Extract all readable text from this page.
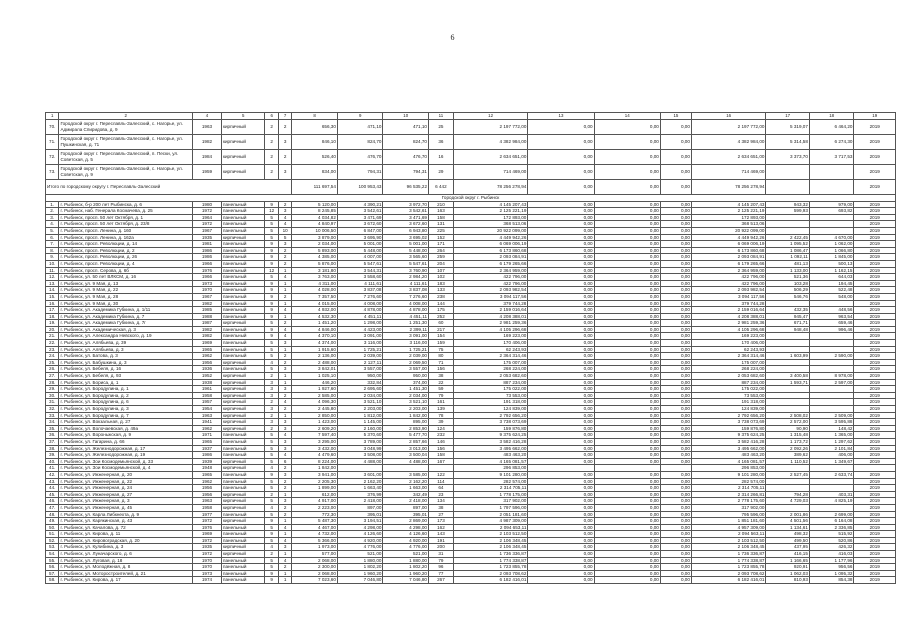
6
1	2	4	5	6	7	8	9	10	11	12	13	14	15	16	17	18	19
70.	Городской округ г. Переславль-Залесский, с. Нагорье, ул. Адмирала Спиридова, д. 9	1963	кирпичный	2	2	656,30	471,10	471,10	25	2 197 772,00	0,00	0,00	0,00	2 197 772,00	5 319,07	6 464,20	2019
71.	Городской округ г. Переславль-Залесский, с. Нагорье, ул. Пушкинская, д. 71	1982	кирпичный	2	3	846,10	824,70	824,70	36	4 382 984,00	0,00	0,00	0,00	4 382 984,00	5 314,58	6 274,30	2019
72.	Городской округ г. Переславль-Залесский, п. Пески, ул. Советская, д. 5	1984	кирпичный	2	2	526,40	476,70	476,70	16	2 634 651,00	0,00	0,00	0,00	2 634 651,00	3 373,70	3 717,53	2019
73.	Городской округ г. Переславль-Залесский, с. Нагорье, ул. Советская, д. 9	1959	кирпичный	2	3	834,00	794,31	794,31	29	714 469,00	0,00	0,00	0,00	714 469,00			2019
Итого по городскому округу г. Переславль-Залесский						111 697,54	100 953,43	96 535,22	6 442	78 256 278,94	0,00	0,00	0,00	78 256 278,94			2019
Городской округ г. Рыбинск																	
1.	г. Рыбинск, б-р 200 лет Рыбинска, д. 6	1980	панельный	9	2	5 120,00	4 390,21	3 972,70	210	4 145 207,43	0,00	0,00	0,00	4 145 207,43	943,32	979,00	2019
2.	г. Рыбинск, наб. Генерала Космачева, д. 25	1972	панельный	12	3	8 245,85	3 542,61	3 542,61	163	2 125 221,19	0,00	0,00	0,00	2 125 221,19	599,93	693,82	2019
3.	г. Рыбинск, просп. 50 лет Октября, д. 1	1964	панельный	5	4	4 034,82	3 471,69	3 471,69	158	172 893,00	0,00	0,00	0,00	172 893,00			2019
4.	г. Рыбинск, просп. 50 лет Октября, д. 23/8	1972	панельный	5	4	4 840,97	3 672,60	3 672,60	131	368 513,06	0,00	0,00	0,00	368 513,06			2019
5.	г. Рыбинск, просп. Ленина, д. 160	1967	панельный	5	10	10 006,50	6 847,00	6 943,80	225	20 922 099,00	0,00	0,00	0,00	20 922 099,00			2019
6.	г. Рыбинск, просп. Ленина, д. 162а	1935	кирпичный	5	5	3 879,00	3 695,90	3 695,02	152	4 449 942,26	0,00	0,00	0,00	4 449 942,26	2 422,45	4 670,00	2019
7.	г. Рыбинск, просп. Революции, д. 14	1981	панельный	9	3	2 034,00	5 001,00	5 001,00	171	6 069 006,19	0,00	0,00	0,00	6 069 006,19	1 095,52	1 062,00	2019
8.	г. Рыбинск, просп. Революции, д. 2	1986	панельный	9	2	5 893,00	5 448,00	5 448,00	264	6 173 860,68	0,00	0,00	0,00	6 173 860,68	1 086,47	1 066,80	2019
9.	г. Рыбинск, просп. Революции, д. 26	1986	панельный	9	2	4 385,00	4 007,00	3 565,60	259	2 093 084,91	0,00	0,00	0,00	2 093 084,91	1 092,11	1 845,00	2019
10.	г. Рыбинск, просп. Революции, д. 4	1966	панельный	9	2	5 876,00	5 547,61	5 547,61	204	6 179 265,66	0,00	0,00	0,00	6 179 265,66	481,13	500,13	2019
11.	г. Рыбинск, просп. Серова, д. 6б	1976	панельный	12	1	3 181,80	3 544,31	3 760,90	107	2 364 959,00	0,00	0,00	0,00	2 364 959,00	1 133,00	1 162,15	2019
12.	г. Рыбинск, ул. 50 лет ВЛКСМ, д. 16	1966	панельный	5	4	3 763,00	3 558,60	2 984,20	102	422 796,00	0,00	0,00	0,00	422 796,00	521,36	644,03	2019
13.	г. Рыбинск, ул. 9 Мая, д. 13	1973	панельный	9	1	4 311,00	4 111,61	4 111,61	183	422 796,00	0,00	0,00	0,00	422 796,00	103,28	194,45	2019
14.	г. Рыбинск, ул. 9 Мая, д. 22	1970	панельный	9	1	4 028,00	3 837,08	3 837,08	133	2 093 982,54	0,00	0,00	0,00	2 093 982,54	506,29	522,48	2019
15.	г. Рыбинск, ул. 9 Мая, д. 28	1967	панельный	9	2	7 357,50	7 276,60	7 276,60	238	3 094 117,56	0,00	0,00	0,00	3 094 117,56	546,76	548,00	2019
16.	г. Рыбинск, ул. 9 Мая, д. 30	1982	панельный	9	1	4 015,00	4 008,00	4 008,00	144	379 744,28	0,00	0,00	0,00	379 744,28			2019
17.	г. Рыбинск, ул. Академика Губкина, д. 1/11	1985	панельный	9	4	4 932,00	4 878,00	4 878,00	175	2 159 016,64	0,00	0,00	0,00	2 159 016,64	432,35	448,56	2019
18.	г. Рыбинск, ул. Академика Губкина, д. 7	1988	панельный	9	1	4 532,30	4 451,11	4 451,11	252	4 208 388,01	0,00	0,00	0,00	4 208 388,01	945,47	963,54	2019
19.	г. Рыбинск, ул. Академика Губкина, д. 7г	1987	кирпичный	5	2	1 451,20	1 298,00	1 251,30	60	2 981 259,36	0,00	0,00	0,00	2 981 259,36	671,71	659,46	2019
20.	г. Рыбинск, ул. Академическая, д. 3	1982	панельный	9	4	4 846,00	4 423,00	2 399,11	217	4 105 296,68	0,00	0,00	0,00	4 105 296,68	948,48	996,46	2019
21.	г. Рыбинск, ул. Александра Невского, д. 19	1982	панельный	9	4	4 370,10	3 091,00	3 091,00	154	169 223,00	0,00	0,00	0,00	169 223,00			2019
22.	г. Рыбинск, ул. Алябьева, д. 39	1969	панельный	5	3	4 374,00	3 116,00	3 116,00	159	170 406,00	0,00	0,00	0,00	170 406,00			2019
23.	г. Рыбинск, ул. Алябьева, д. 3	1965	панельный	5	1	1 915,60	1 725,21	1 725,21	75	62 243,93	0,00	0,00	0,00	62 243,93			2019
24.	г. Рыбинск, ул. Батова, д. 3	1962	панельный	5	2	2 136,00	2 039,00	2 039,00	80	2 364 314,46	0,00	0,00	0,00	2 364 314,46	1 603,99	2 590,00	2019
25.	г. Рыбинск, ул. Бабушкина, д. 3	1956	кирпичный	4	2	2 488,00	2 127,11	2 069,50	71	175 007,00	0,00	0,00	0,00	175 007,00			2019
26.	г. Рыбинск, ул. Бебеля, д. 16	1936	панельный	5	3	3 842,01	3 557,00	3 557,00	156	268 224,00	0,00	0,00	0,00	268 224,00			2019
27.	г. Рыбинск, ул. Бебеля, д. 93	1952	кирпичный	2	1	1 025,10	950,00	950,00	38	2 053 682,60	0,00	0,00	0,00	2 053 682,60	3 400,58	8 978,00	2019
28.	г. Рыбинск, ул. Бориса, д. 1	1938	кирпичный	3	1	446,20	332,84	374,00	22	887 234,00	0,00	0,00	0,00	887 234,00	1 593,71	2 597,00	2019
29.	г. Рыбинск, ул. Бородулина, д. 1	1961	кирпичный	3	3	1 927,60	2 695,60	1 451,30	59	175 022,00	0,00	0,00	0,00	175 022,00			2019
30.	г. Рыбинск, ул. Бородулина, д. 2	1958	кирпичный	3	2	2 585,00	2 034,00	2 034,00	79	73 553,00	0,00	0,00	0,00	73 553,00			2019
31.	г. Рыбинск, ул. Бородулина, д. 6	1957	кирпичный	2	4	4 096,30	3 521,10	3 521,10	161	191 318,00	0,00	0,00	0,00	191 318,00			2019
32.	г. Рыбинск, ул. Бородулина, д. 3	1954	кирпичный	3	2	2 445,80	2 203,00	2 203,00	139	124 839,00	0,00	0,00	0,00	124 839,00			2019
33.	г. Рыбинск, ул. Бородулина, д. 7	1963	кирпичный	2	1	2 850,00	1 812,00	1 842,00	78	2 792 656,20	0,00	0,00	0,00	2 792 656,20	2 508,02	2 509,00	2019
34.	г. Рыбинск, ул. Вокзальная, д. 27	1941	кирпичный	3	3	1 423,00	1 145,00	895,00	39	3 738 073,69	0,00	0,00	0,00	3 738 073,69	2 572,00	3 595,88	2019
35.	г. Рыбинск, ул. Волочаевская, д. 49а	1962	кирпичный	2	3	2 609,20	2 160,00	2 853,90	124	159 876,80	0,00	0,00	0,00	159 876,80	90,90	148,42	2019
36.	г. Рыбинск, ул. Вороньжская, д. 9	1971	панельный	5	4	7 597,40	5 370,60	5 477,70	232	9 375 624,25	0,00	0,00	0,00	9 375 624,25	1 315,48	1 365,00	2019
37.	г. Рыбинск, ул. Гагарина, д. 66	1965	панельный	5	3	3 295,00	3 789,00	2 857,66	146	3 582 416,28	0,00	0,00	0,00	3 582 416,28	1 173,72	1 297,62	2019
38.	г. Рыбинск, ул. Железнодорожная, д. 17	1937	панельный	5	3	3 432,00	3 048,99	3 013,00	156	3 495 662,00	0,00	0,00	0,00	3 495 662,00	2 092,26	2 101,84	2019
39.	г. Рыбинск, ул. Железнодорожная, д. 19	1986	панельный	5	4	4 479,60	3 508,00	3 500,04	158	483 463,20	0,00	0,00	0,00	483 463,20	389,62	406,00	2019
40.	г. Рыбинск, ул. Зои Космодемьянской, д. 33	1939	кирпичный	5	6	8 224,00	4 488,00	4 488,00	167	4 165 081,57	0,00	0,00	0,00	4 165 081,57	1 110,52	1 349,67	2019
41.	г. Рыбинск, ул. Зои Космодемьянской, д. 4	1948	кирпичный	4	2	1 842,00				296 853,00				296 853,00			
42.	г. Рыбинск, ул. Инженерная, д. 20	1965	панельный	9	3	3 941,00	3 601,00	3 585,00	122	9 101 280,00	0,00	0,00	0,00	9 101 280,00	2 527,45	2 633,74	2019
43.	г. Рыбинск, ул. Инженерная, д. 22	1962	панельный	5	2	2 205,30	2 162,20	2 162,20	114	282 574,00	0,00	0,00	0,00	282 574,00			2019
44.	г. Рыбинск, ул. Инженерная, д. 24	1956	панельный	5	2	1 899,00	1 663,40	1 663,00	64	2 314 705,11	0,00	0,00	0,00	2 314 705,11			2019
45.	г. Рыбинск, ул. Инженерная, д. 27	1956	кирпичный	2	1	612,00	376,99	342,49	23	1 778 175,00	0,00	0,00	0,00	2 314 266,81	794,28	403,31	2019
46.	г. Рыбинск, ул. Инженерная, д. 3	1963	кирпичный	5	3	4 917,00	2 418,00	2 418,00	134	317 902,00	0,00	0,00	0,00	2 778 175,60	4 729,03	4 825,19	2019
47.	г. Рыбинск, ул. Инженерная, д. 45	1958	кирпичный	4	2	2 223,00	897,00	897,00	38	1 797 596,00	0,00	0,00	0,00	317 902,00			2019
48.	г. Рыбинск, ул. Карла Либкнехта, д. 9	1977	панельный	5	2	772,30	395,01	395,01	27	2 051 181,60	0,00	0,00	0,00	795 596,00	2 001,86	2 699,00	2019
49.	г. Рыбинск, ул. Карякинская, д. 43	1972	кирпичный	9	1	5 487,30	3 194,51	2 869,00	173	4 987 309,00	0,00	0,00	0,00	1 851 181,60	4 501,56	6 164,08	2019
50.	г. Рыбинск, ул. Качалова, д. 72	1976	панельный	5	4	4 467,00	4 298,00	4 298,00	162	2 094 653,11	0,00	0,00	0,00	4 957 309,00	1 134,61	2 336,85	2019
51.	г. Рыбинск, ул. Кирова, д. 11	1969	панельный	9	1	4 732,00	4 126,60	4 126,60	143	2 103 512,50	0,00	0,00	0,00	2 094 563,11	498,32	515,92	2019
52.	г. Рыбинск, ул. Кировоградская, д. 20	1972	панельный	5	4	5 366,00	4 920,00	4 920,00	191	2 106 348,45	0,00	0,00	0,00	2 103 512,50	499,50	520,86	2019
53.	г. Рыбинск, ул. Кулибина, д. 3	1935	кирпичный	4	3	1 973,00	4 776,00	4 776,00	200	2 106 348,45	0,00	0,00	0,00	2 106 348,45	437,95	426,32	2019
54.	г. Рыбинск, ул. Луначарского, д. 6	1972	кирпичный	2	1	577,00	521,00	521,00	31	1 736 336,87	0,00	0,00	0,00	1 736 336,87	416,15	416,03	2019
55.	г. Рыбинск, ул. Луговая, д. 18	1970	панельный	5	4	2 068,00	1 880,00	1 880,00	79	1 774 338,87	0,00	0,00	0,00	1 774 338,87	1 166,65	1 177,96	2019
56.	г. Рыбинск, ул. Молодёжная, д. 8	1970	панельный	5	2	2 300,00	1 802,20	1 802,20	96	1 723 855,78	0,00	0,00	0,00	1 723 855,78	920,91	956,56	2019
57.	г. Рыбинск, ул. Моторостроителей, д. 21	1973	панельный	9	1	2 068,00	1 960,20	1 960,20	77	2 093 708,62	0,00	0,00	0,00	2 093 708,62	1 062,03	1 095,32	2019
58.	г. Рыбинск, ул. Кирова, д. 17	1974	панельный	9	1	7 023,60	7 046,80	7 046,80	267	6 182 416,01	0,00	0,00	0,00	6 182 416,01	810,93	854,38	2019
